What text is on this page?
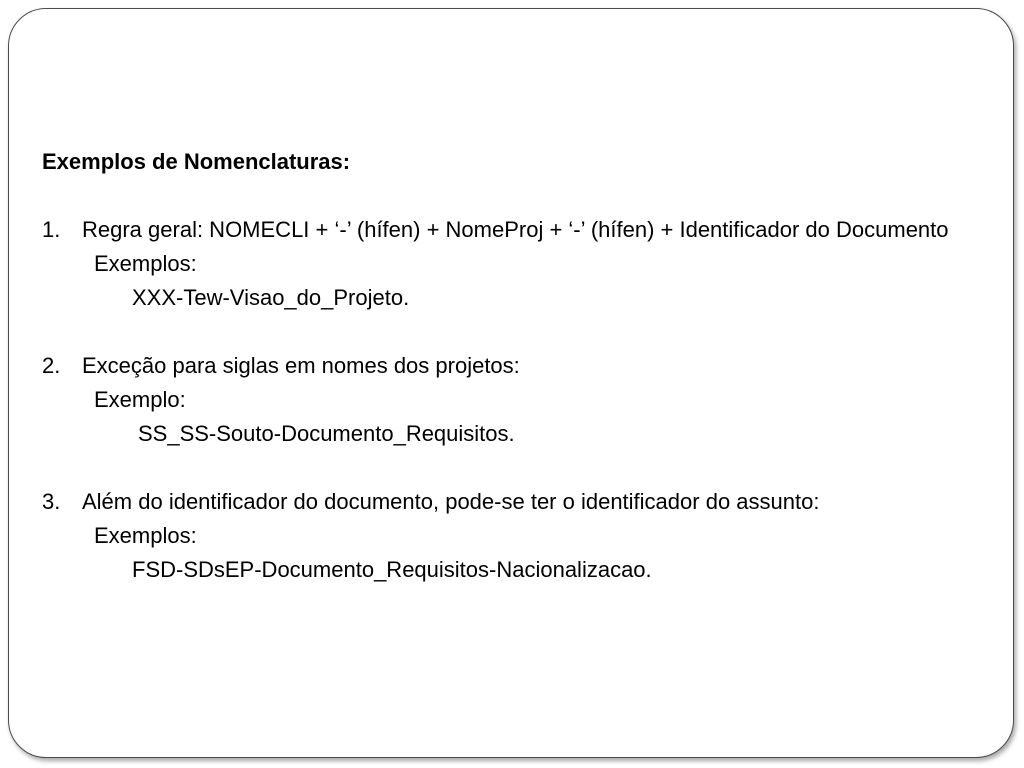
Exemplos de Nomenclaturas:
1. Regra geral: NOMECLI + ‘-’ (hífen) + NomeProj + ‘-’ (hífen) + Identificador do Documento
Exemplos:
XXX-Tew-Visao_do_Projeto.
2. Exceção para siglas em nomes dos projetos:
Exemplo:
SS_SS-Souto-Documento_Requisitos.
3. Além do identificador do documento, pode-se ter o identificador do assunto:
Exemplos:
FSD-SDsEP-Documento_Requisitos-Nacionalizacao.
